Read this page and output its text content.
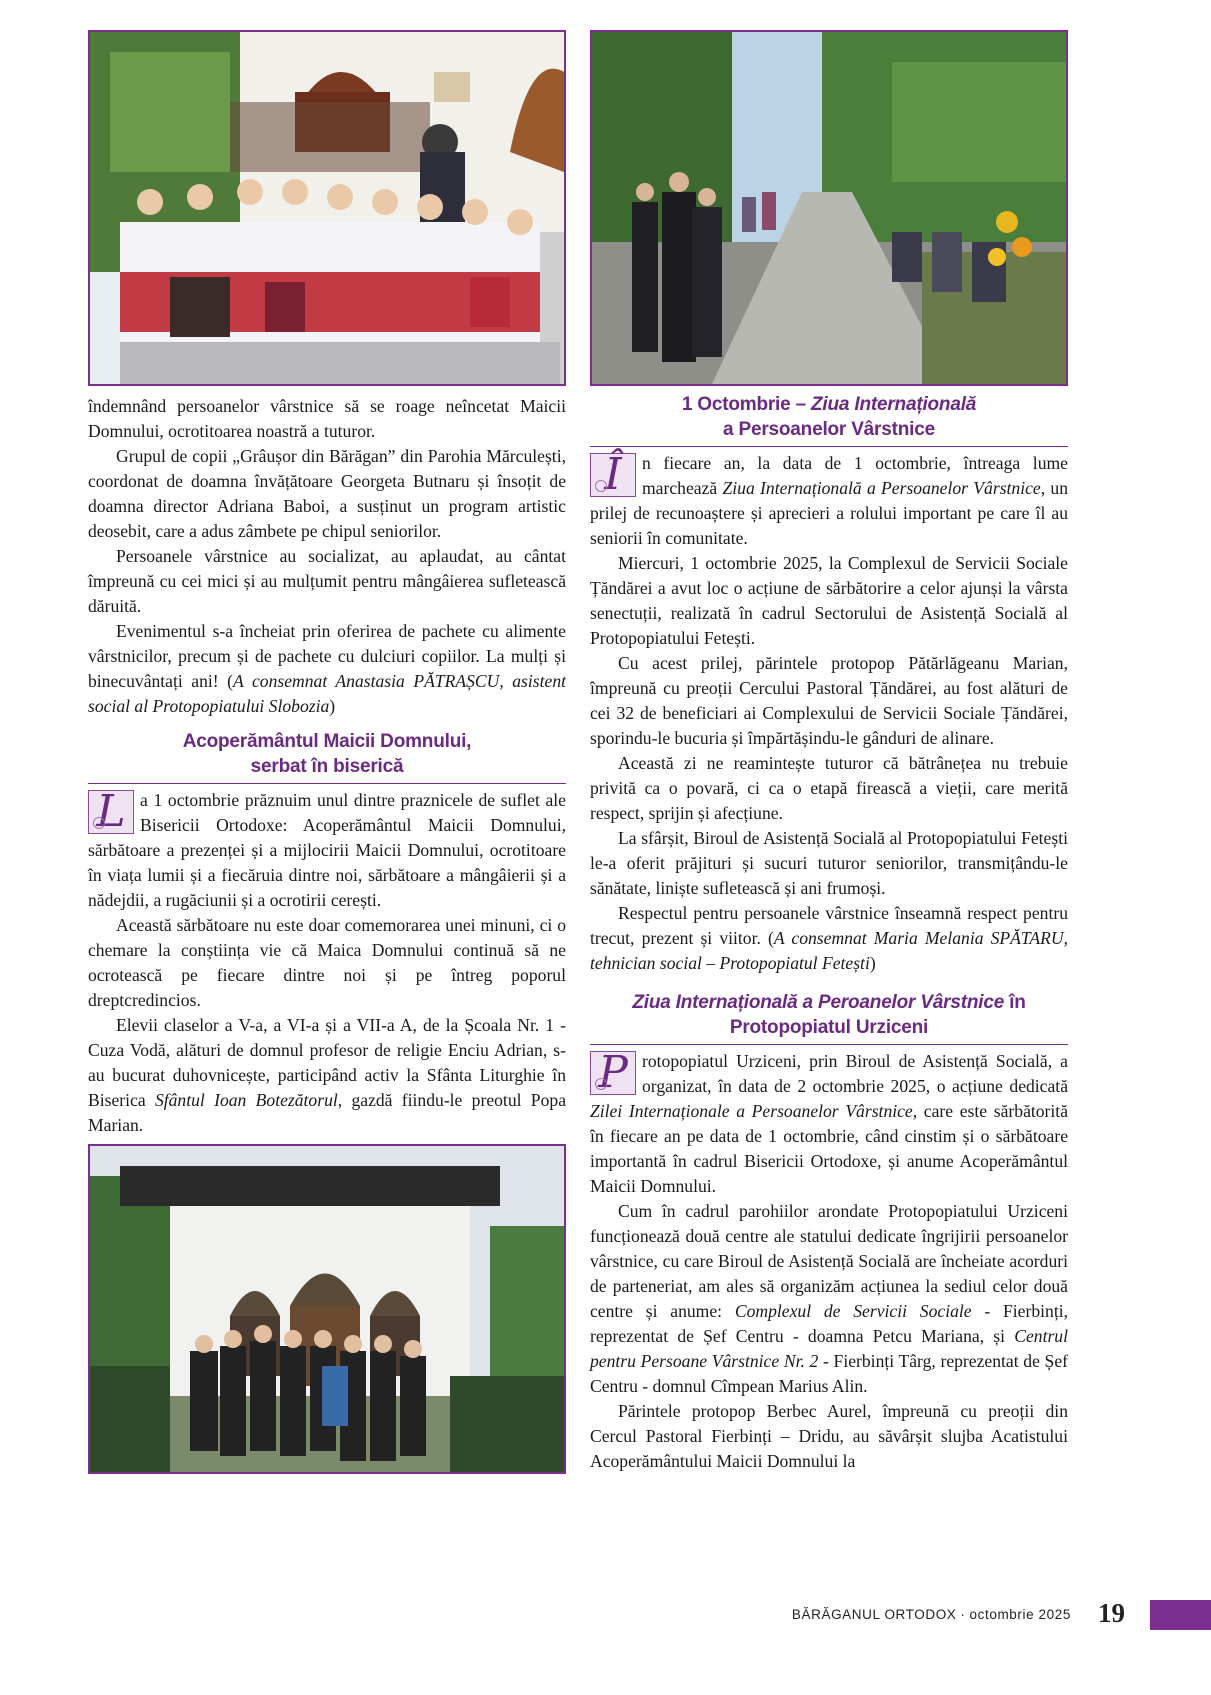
îndemnând persoanelor vârstnice să se roage neîncetat Maicii Domnului, ocrotitoarea noastră a tuturor.

Grupul de copii „Grâușor din Bărăgan” din Parohia Mărculești, coordonat de doamna învățătoare Georgeta Butnaru și însoțit de doamna director Adriana Baboi, a susținut un program artistic deosebit, care a adus zâmbete pe chipul seniorilor.

Persoanele vârstnice au socializat, au aplaudat, au cântat împreună cu cei mici și au mulțumit pentru mângâierea sufletească dăruită.

Evenimentul s-a încheiat prin oferirea de pachete cu alimente vârstnicilor, precum și de pachete cu dulciuri copiilor. La mulți și binecuvântați ani! (A consemnat Anastasia PĂTRAȘCU, asistent social al Protopopiatului Slobozia)

Acoperământul Maicii Domnului,
serbat în biserică

L a 1 octombrie prăznuim unul dintre praznicele de suflet ale Bisericii Ortodoxe: Acoperământul Maicii Domnului, sărbătoare a prezenței și a mijlocirii Maicii Domnului, ocrotitoare în viața lumii și a fiecăruia dintre noi, sărbătoare a mângâierii și a nădejdii, a rugăciunii și a ocrotirii cerești.

Această sărbătoare nu este doar comemorarea unei minuni, ci o chemare la conștiința vie că Maica Domnului continuă să ne ocrotească pe fiecare dintre noi și pe întreg poporul dreptcredincios.

Elevii claselor a V-a, a VI-a și a VII-a A, de la Școala Nr. 1 - Cuza Vodă, alături de domnul profesor de religie Enciu Adrian, s-au bucurat duhovnicește, participând activ la Sfânta Liturghie în Biserica Sfântul Ioan Botezătorul, gazdă fiindu-le preotul Popa Marian.

1 Octombrie – Ziua Internațională
a Persoanelor Vârstnice

Î	n fiecare an, la data de 1 octombrie, întreaga lume marchează Ziua Internațională a Persoanelor Vârstnice, un prilej de recunoaștere și aprecieri a rolului important pe care îl au seniorii în comunitate.

Miercuri, 1 octombrie 2025, la Complexul de Servicii Sociale Țăndărei a avut loc o acțiune de sărbătorire a celor ajunși la vârsta senectuții, realizată în cadrul Sectorului de Asistență Socială al Protopopiatului Fetești.

Cu acest prilej, părintele protopop Pătărlăgeanu Marian, împreună cu preoții Cercului Pastoral Țăndărei, au fost alături de cei 32 de beneficiari ai Complexului de Servicii Sociale Țăndărei, sporindu-le bucuria și împărtășindu-le gânduri de alinare.

Această zi ne reamintește tuturor că bătrânețea nu trebuie privită ca o povară, ci ca o etapă firească a vieții, care merită respect, sprijin și afecțiune.

La sfârșit, Biroul de Asistență Socială al Protopopiatului Fetești le-a oferit prăjituri și sucuri tuturor seniorilor, transmițându-le sănătate, liniște sufletească și ani frumoși.

Respectul pentru persoanele vârstnice înseamnă respect pentru trecut, prezent și viitor. (A consemnat Maria Melania SPĂTARU, tehnician social – Protopopiatul Fetești)

Ziua Internațională a Peroanelor Vârstnice în
Protopopiatul Urziceni

P rotopopiatul Urziceni, prin Biroul de Asistență Socială, a organizat, în data de 2 octombrie 2025, o acțiune dedicată Zilei Internaționale a Persoanelor Vârstnice, care este sărbătorită în fiecare an pe data de 1 octombrie, când cinstim și o sărbătoare importantă în cadrul Bisericii Ortodoxe, și anume Acoperământul Maicii Domnului.

Cum în cadrul parohiilor arondate Protopopiatului Urziceni funcționează două centre ale statului dedicate îngrijirii persoanelor vârstnice, cu care Biroul de Asistență Socială are încheiate acorduri de parteneriat, am ales să organizăm acțiunea la sediul celor două centre și anume: Complexul de Servicii Sociale - Fierbinți, reprezentat de Șef Centru - doamna Petcu Mariana, și Centrul pentru Persoane Vârstnice Nr. 2 - Fierbinți Târg, reprezentat de Șef Centru - domnul Cîmpean Marius Alin.

Părintele protopop Berbec Aurel, împreună cu preoții din Cercul Pastoral Fierbinți – Dridu, au săvârșit slujba Acatistului Acoperământului Maicii Domnului la

BĂRĂGANUL ORTODOX · octombrie 2025 19
